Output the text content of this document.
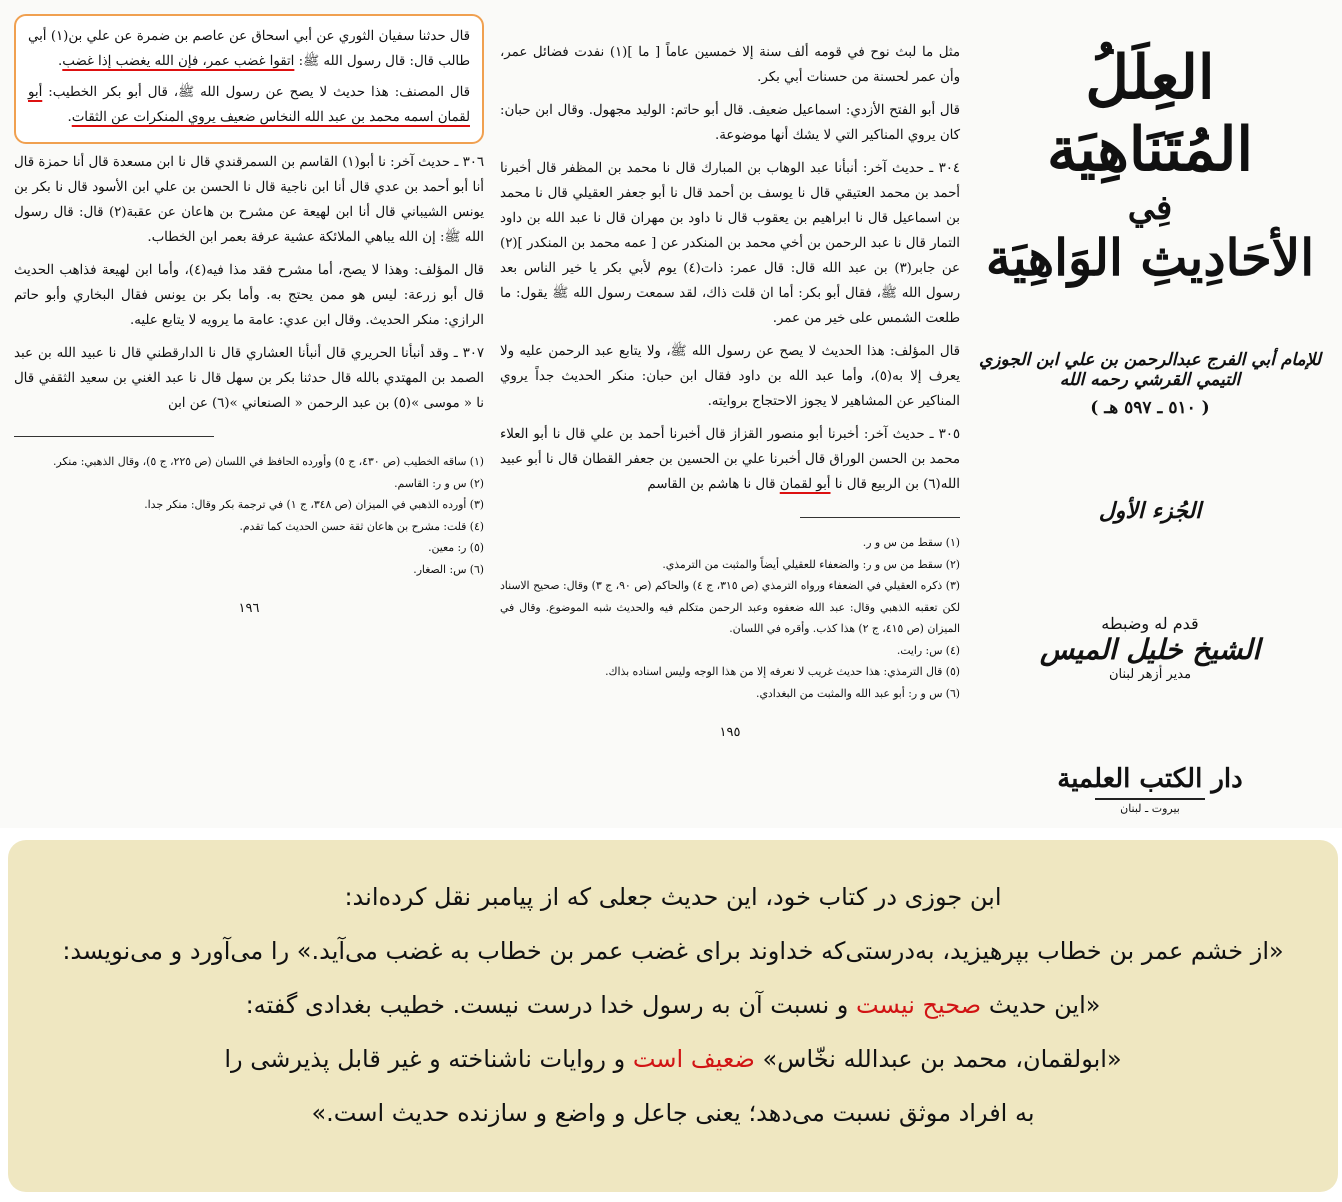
قال حدثنا سفيان الثوري عن أبي اسحاق عن عاصم بن ضمرة عن علي بن(١) أبي طالب قال: قال رسول الله ﷺ: اتقوا غضب عمر، فإن الله يغضب إذا غضب.

قال المصنف: هذا حديث لا يصح عن رسول الله ﷺ، قال أبو بكر الخطيب: أبو لقمان اسمه محمد بن عبد الله النخاس ضعيف يروي المنكرات عن الثقات.

٣٠٦ ـ حديث آخر: نا أبو(١) القاسم بن السمرقندي قال نا ابن مسعدة قال أنا حمزة قال أنا أبو أحمد بن عدي قال أنا ابن ناجية قال نا الحسن بن علي ابن الأسود قال نا بكر بن يونس الشيباني قال أنا ابن لهيعة عن مشرح بن هاعان عن عقبة(٢) قال: قال رسول الله ﷺ: إن الله يباهي الملائكة عشية عرفة بعمر ابن الخطاب.

قال المؤلف: وهذا لا يصح، أما مشرح فقد مذا فيه(٤)، وأما ابن لهيعة فذاهب الحديث قال أبو زرعة: ليس هو ممن يحتج به. وأما بكر بن يونس فقال البخاري وأبو حاتم الرازي: منكر الحديث. وقال ابن عدي: عامة ما يرويه لا يتابع عليه.

٣٠٧ ـ وقد أنبأنا الحريري قال أنبأنا العشاري قال نا الدارقطني قال نا عبيد الله بن عبد الصمد بن المهتدي بالله قال حدثنا بكر بن سهل قال نا عبد الغني بن سعيد الثقفي قال نا « موسى »(٥) بن عبد الرحمن « الصنعاني »(٦) عن ابن

(١) ساقه الخطيب (ص ٤٣٠، ج ٥) وأورده الحافظ في اللسان (ص ٢٢٥، ج ٥)، وقال الذهبي: منكر.
(٢) س و ر: القاسم.
(٣) أورده الذهبي في الميزان (ص ٣٤٨، ج ١) في ترجمة بكر وقال: منكر جدا.
(٤) قلت: مشرح بن هاعان ثقة حسن الحديث كما تقدم.
(٥) ر: معين.
(٦) س: الصغار.
١٩٦

مثل ما لبث نوح في قومه ألف سنة إلا خمسين عاماً [ ما ](١) نفدت فضائل عمر، وأن عمر لحسنة من حسنات أبي بكر.

قال أبو الفتح الأزدي: اسماعيل ضعيف. قال أبو حاتم: الوليد مجهول. وقال ابن حبان: كان يروي المناكير التي لا يشك أنها موضوعة.

٣٠٤ ـ حديث آخر: أنبأنا عبد الوهاب بن المبارك قال نا محمد بن المظفر قال أخبرنا أحمد بن محمد العتيقي قال نا يوسف بن أحمد قال نا أبو جعفر العقيلي قال نا محمد بن اسماعيل قال نا ابراهيم بن يعقوب قال نا داود بن مهران قال نا عبد الله بن داود التمار قال نا عبد الرحمن بن أخي محمد بن المنكدر عن [ عمه محمد بن المنكدر ](٢) عن جابر(٣) بن عبد الله قال: قال عمر: ذات(٤) يوم لأبي بكر يا خير الناس بعد رسول الله ﷺ، فقال أبو بكر: أما ان قلت ذاك، لقد سمعت رسول الله ﷺ يقول: ما طلعت الشمس على خير من عمر.

قال المؤلف: هذا الحديث لا يصح عن رسول الله ﷺ، ولا يتابع عبد الرحمن عليه ولا يعرف إلا به(٥)، وأما عبد الله بن داود فقال ابن حبان: منكر الحديث جداً يروي المناكير عن المشاهير لا يجوز الاحتجاج بروايته.

٣٠٥ ـ حديث آخر: أخبرنا أبو منصور القزاز قال أخبرنا أحمد بن علي قال نا أبو العلاء محمد بن الحسن الوراق قال أخبرنا علي بن الحسين بن جعفر القطان قال نا أبو عبيد الله(٦) بن الربيع قال نا أبو لقمان قال نا هاشم بن القاسم

(١) سقط من س و ر.
(٢) سقط من س و ر: والضعفاء للعقيلي أيضاً والمثبت من الترمذي.
(٣) ذكره العقيلي في الضعفاء ورواه الترمذي (ص ٣١٥، ج ٤) والحاكم (ص ٩٠، ج ٣) وقال: صحيح الاسناد لكن تعقبه الذهبي وقال: عبد الله ضعفوه وعبد الرحمن متكلم فيه والحديث شبه الموضوع. وقال في الميزان (ص ٤١٥، ج ٢) هذا كذب. وأقره في اللسان.
(٤) س: رايت.
(٥) قال الترمذي: هذا حديث غريب لا نعرفه إلا من هذا الوجه وليس اسناده بذاك.
(٦) س و ر: أبو عبد الله والمثبت من البغدادي.
١٩٥
العِلَلُ المُتَنَاهِيَة
فِي
الأحَادِيثِ الوَاهِيَة
للإمام أبي الفرج عبدالرحمن بن علي ابن الجوزي التيمي القرشي رحمه الله
( ٥١٠ ـ ٥٩٧ هـ )
الجُزء الأول
قدم له وضبطه
الشيخ خليل الميس
مدير أزهر لبنان
دار الكتب العلمية
بيروت ـ لبنان
ابن جوزی در کتاب خود، این حدیث جعلی که از پیامبر نقل کرده‌اند:
«از خشم عمر بن خطاب بپرهیزید، به‌درستی‌که خداوند برای غضب عمر بن خطاب به غضب می‌آید.» را می‌آورد و می‌نویسد:
«این حدیث صحیح نیست و نسبت آن به رسول خدا درست نیست. خطیب بغدادی گفته:
«ابولقمان، محمد بن عبدالله نخّاس» ضعیف است و روایات ناشناخته و غیر قابل پذیرشی را
به افراد موثق نسبت می‌دهد؛ یعنی جاعل و واضع و سازنده حدیث است.»
